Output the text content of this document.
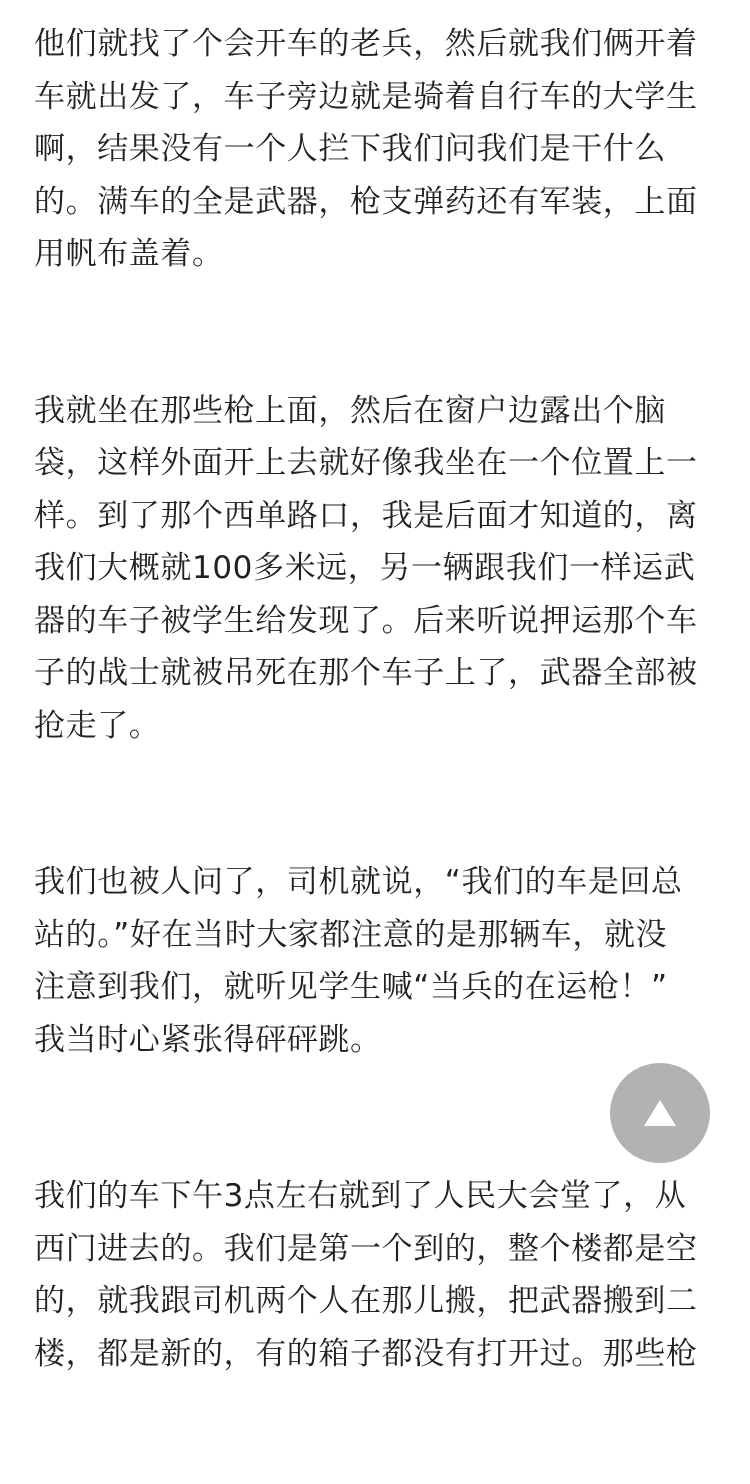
他们就找了个会开车的老兵，然后就我们俩开着
车就出发了，车子旁边就是骑着自行车的大学生
啊，结果没有一个人拦下我们问我们是干什么
的。满车的全是武器，枪支弹药还有军装，上面
用帆布盖着。

我就坐在那些枪上面，然后在窗户边露出个脑
袋，这样外面开上去就好像我坐在一个位置上一
样。到了那个西单路口，我是后面才知道的，离
我们大概就100多米远，另一辆跟我们一样运武
器的车子被学生给发现了。后来听说押运那个车
子的战士就被吊死在那个车子上了，武器全部被
抢走了。

我们也被人问了，司机就说，“我们的车是回总
站的。”好在当时大家都注意的是那辆车，就没
注意到我们，就听见学生喊“当兵的在运枪！”
我当时心紧张得砰砰跳。

我们的车下午3点左右就到了人民大会堂了，从
西门进去的。我们是第一个到的，整个楼都是空
的，就我跟司机两个人在那儿搬，把武器搬到二
楼，都是新的，有的箱子都没有打开过。那些枪
